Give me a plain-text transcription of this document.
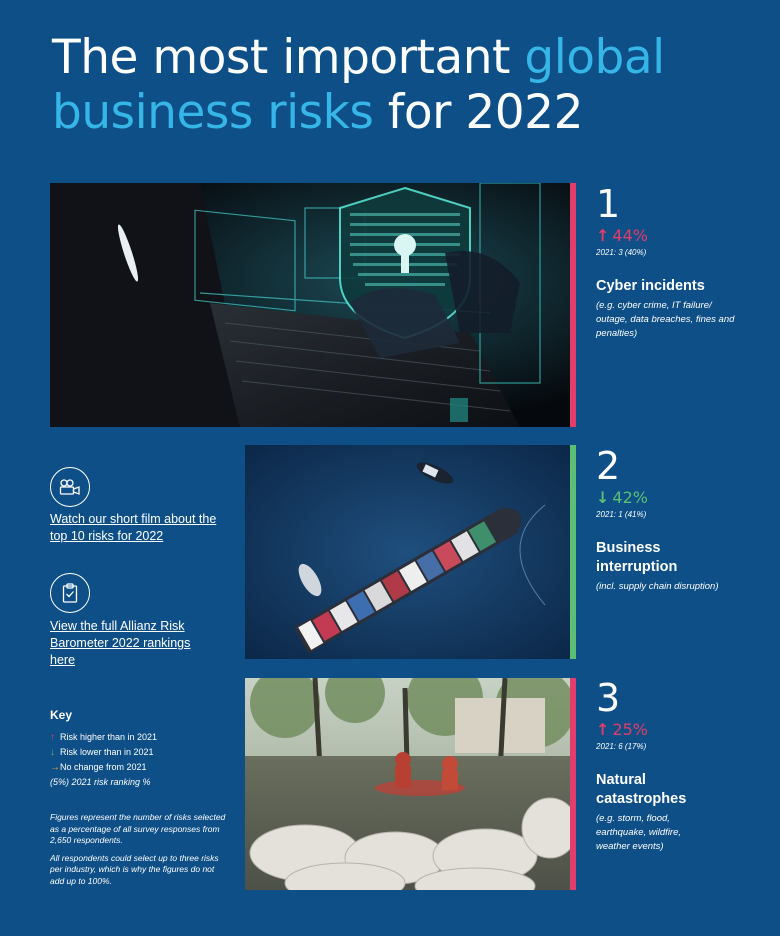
The most important global business risks for 2022
1
↑ 44%
2021: 3 (40%)
Cyber incidents
(e.g. cyber crime, IT failure/ outage, data breaches, fines and penalties)
2
↓ 42%
2021: 1 (41%)
Business interruption
(incl. supply chain disruption)
3
↑ 25%
2021: 6 (17%)
Natural catastrophes
(e.g. storm, flood, earthquake, wildfire, weather events)
Watch our short film about the top 10 risks for 2022
View the full Allianz Risk Barometer 2022 rankings here
Key
↑ Risk higher than in 2021
↓ Risk lower than in 2021
→ No change from 2021
(5%) 2021 risk ranking %

Figures represent the number of risks selected as a percentage of all survey responses from 2,650 respondents.

All respondents could select up to three risks per industry, which is why the figures do not add up to 100%.
